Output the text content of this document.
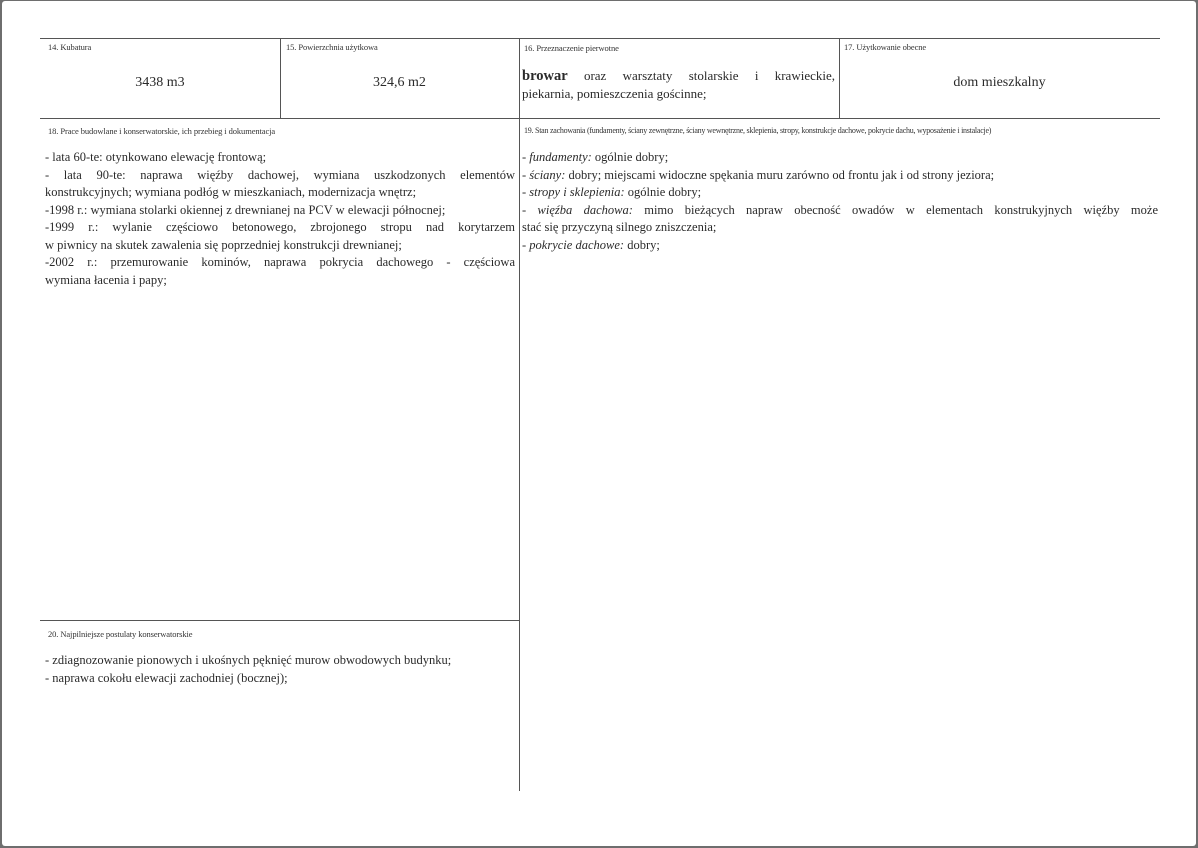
14. Kubatura
3438 m3
15. Powierzchnia użytkowa
324,6 m2
16. Przeznaczenie pierwotne
browar oraz warsztaty stolarskie i krawieckie,
piekarnia, pomieszczenia gościnne;
17. Użytkowanie obecne
dom mieszkalny
18. Prace budowlane i konserwatorskie, ich przebieg i dokumentacja
- lata 60-te: otynkowano elewację frontową;
- lata 90-te: naprawa więźby dachowej, wymiana uszkodzonych elementów
konstrukcyjnych; wymiana podłóg w mieszkaniach, modernizacja wnętrz;
-1998 r.: wymiana stolarki okiennej z drewnianej na PCV w elewacji północnej;
-1999 r.: wylanie częściowo betonowego, zbrojonego stropu nad korytarzem
w piwnicy na skutek zawalenia się poprzedniej konstrukcji drewnianej;
-2002 r.: przemurowanie kominów, naprawa pokrycia dachowego - częściowa
wymiana łacenia i papy;
19. Stan zachowania (fundamenty, ściany zewnętrzne, ściany wewnętrzne, sklepienia, stropy, konstrukcje dachowe, pokrycie dachu, wyposażenie i instalacje)
- fundamenty: ogólnie dobry;
- ściany: dobry; miejscami widoczne spękania muru zarówno od frontu jak i od strony jeziora;
- stropy i sklepienia: ogólnie dobry;
- więźba dachowa: mimo bieżących napraw obecność owadów w elementach konstrukyjnych więźby może
stać się przyczyną silnego zniszczenia;
- pokrycie dachowe: dobry;
20. Najpilniejsze postulaty konserwatorskie
- zdiagnozowanie pionowych i ukośnych pęknięć murow obwodowych budynku;
- naprawa cokołu elewacji zachodniej (bocznej);
